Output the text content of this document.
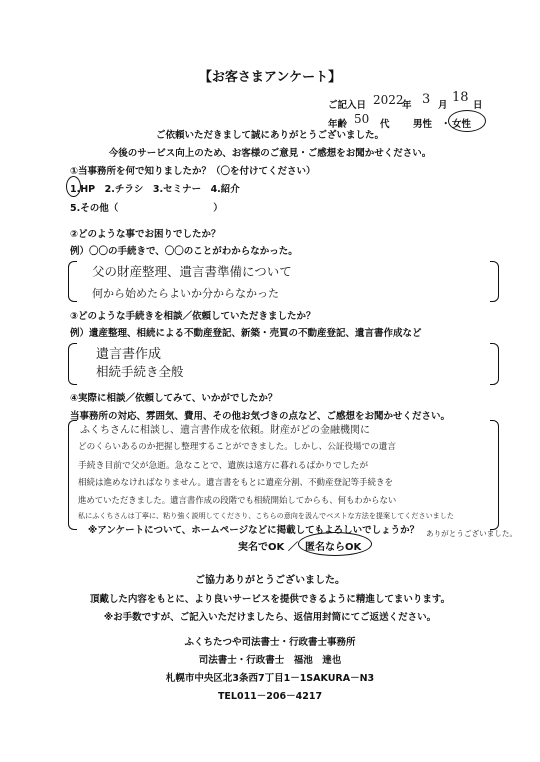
【お客さまアンケート】
ご記入日 2022
年 3 月
18
日
年齢 50 代 男性 ・ 女性
ご依頼いただきまして誠にありがとうございました。
今後のサービス向上のため、お客様のご意見・ご感想をお聞かせください。
①当事務所を何で知りましたか？（〇を付けてください）
1.HP　2.チラシ　3.セミナー　4.紹介
5.その他（　　　　　　　　　　）
②どのような事でお困りでしたか？
例）〇〇の手続きで、〇〇のことがわからなかった。
父の財産整理、遺言書準備について
何から始めたらよいか分からなかった
③どのような手続きを相談／依頼していただきましたか？
例）遺産整理、相続による不動産登記、新築・売買の不動産登記、遺言書作成など
遺言書作成
相続手続き全般
④実際に相談／依頼してみて、いかがでしたか？
当事務所の対応、雰囲気、費用、その他お気づきの点など、ご感想をお聞かせください。
ふくちさんに相談し、遺言書作成を依頼。財産がどの金融機関に
どのくらいあるのか把握し整理することができました。しかし、公証役場での遺言
手続き目前で父が急逝。急なことで、遺族は遠方に暮れるばかりでしたが
相続は進めなければなりません。遺言書をもとに遺産分割、不動産登記等手続きを
進めていただきました。遺言書作成の段階でも相続開始してからも、何もわからない
私にふくちさんは丁寧に、粘り強く説明してくださり、こちらの意向を汲んでベストな方法を提案してくださいました
ありがとうございました。
※アンケートについて、ホームページなどに掲載してもよろしいでしょうか？
実名でOK ／ 匿名ならOK
ご協力ありがとうございました。
頂戴した内容をもとに、より良いサービスを提供できるように精進してまいります。
※お手数ですが、ご記入いただけましたら、返信用封筒にてご返送ください。
ふくちたつや司法書士・行政書士事務所
司法書士・行政書士　福池　達也
札幌市中央区北3条西7丁目1－1SAKURA－N3
TEL011－206－4217
